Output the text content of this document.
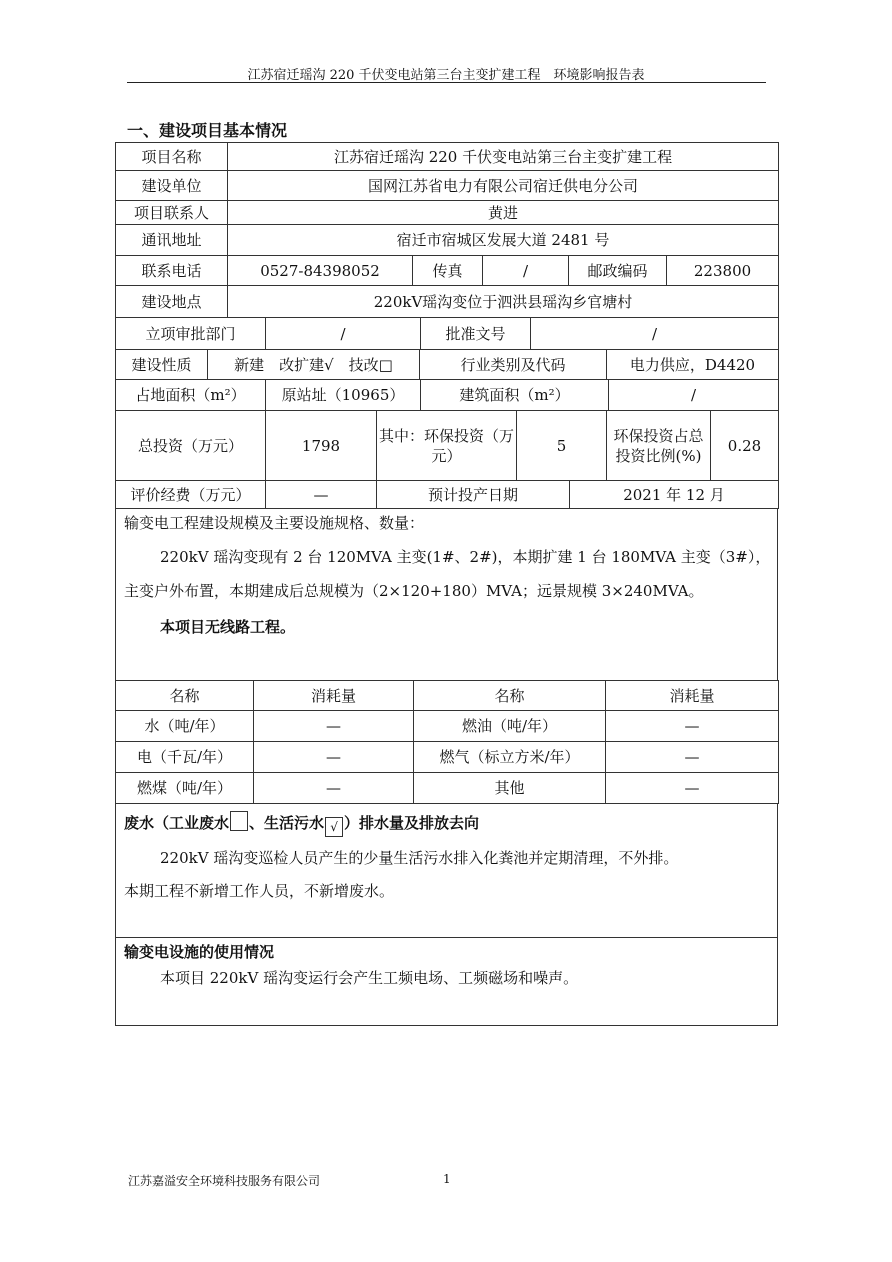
江苏宿迁瑶沟 220 千伏变电站第三台主变扩建工程　环境影响报告表
一、建设项目基本情况
项目名称	江苏宿迁瑶沟 220 千伏变电站第三台主变扩建工程				
建设单位	国网江苏省电力有限公司宿迁供电分公司				
项目联系人	黄进				
通讯地址	宿迁市宿城区发展大道 2481 号				
联系电话	0527-84398052	传真	/	邮政编码	223800
建设地点	220kV瑶沟变位于泗洪县瑶沟乡官塘村				
立项审批部门	/	批准文号	/
建设性质	新建　改扩建√　技改□	行业类别及代码	电力供应，D4420
占地面积（m²）	原站址（10965）	建筑面积（m²）	/
总投资（万元）	1798	其中：环保投资（万元）	5	环保投资占总投资比例(%)	0.28
评价经费（万元）	—	预计投产日期	2021 年 12 月
输变电工程建设规模及主要设施规格、数量：
220kV 瑶沟变现有 2 台 120MVA 主变(1#、2#)，本期扩建 1 台 180MVA 主变（3#），
主变户外布置，本期建成后总规模为（2×120+180）MVA；远景规模 3×240MVA。
本项目无线路工程。
名称	消耗量	名称	消耗量
水（吨/年）	—	燃油（吨/年）	—
电（千瓦/年）	—	燃气（标立方米/年）	—
燃煤（吨/年）	—	其他	—
废水（工业废水 、生活污水 √ ）排水量及排放去向
220kV 瑶沟变巡检人员产生的少量生活污水排入化粪池并定期清理，不外排。
本期工程不新增工作人员，不新增废水。
输变电设施的使用情况
本项目 220kV 瑶沟变运行会产生工频电场、工频磁场和噪声。
江苏嘉溢安全环境科技服务有限公司	1
